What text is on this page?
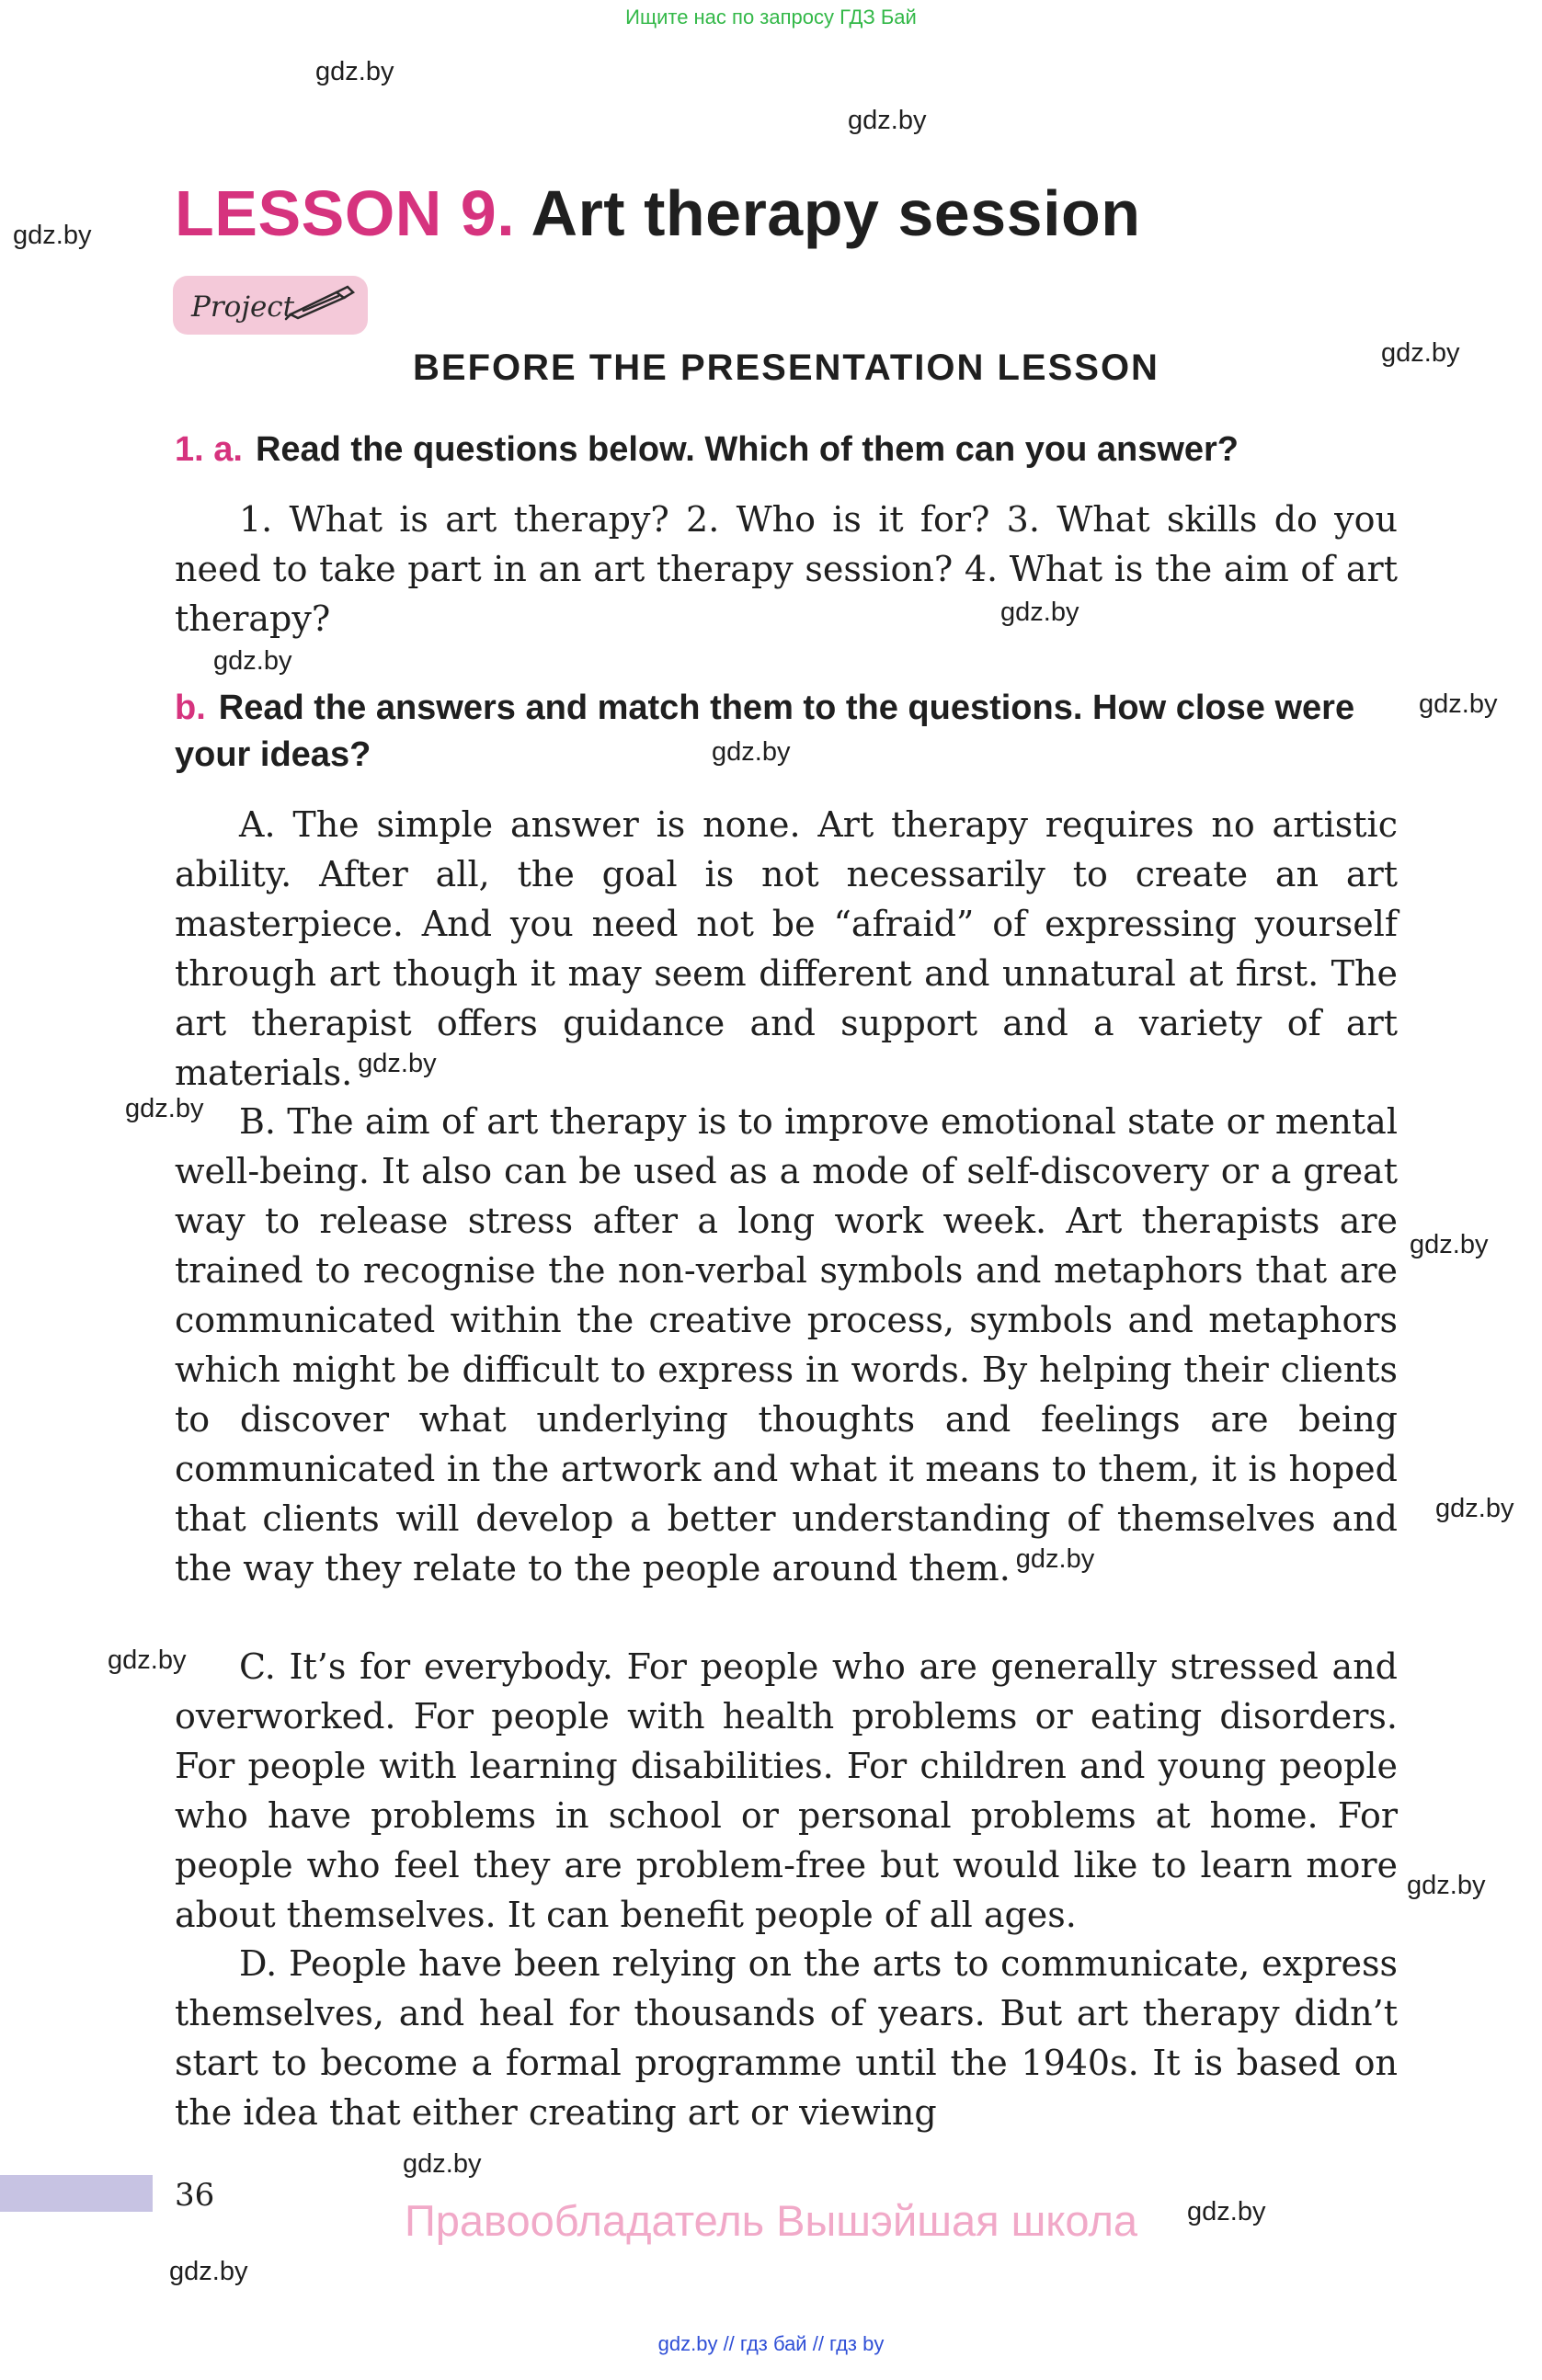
Ищите нас по запросу ГДЗ Бай
gdz.by
gdz.by
gdz.by
gdz.by
gdz.by
gdz.by
gdz.by
gdz.by
gdz.by
gdz.by
gdz.by
gdz.by
gdz.by
gdz.by
gdz.by
gdz.by
LESSON 9. Art therapy session
Project
BEFORE THE PRESENTATION LESSON
1. a. Read the questions below. Which of them can you answer?
1. What is art therapy? 2. Who is it for? 3. What skills do you need to take part in an art therapy session? 4. What is the aim of art therapy?
b. Read the answers and match them to the questions. How close were your ideas?
A. The simple answer is none. Art therapy requires no artistic ability. After all, the goal is not necessarily to create an art masterpiece. And you need not be “afraid” of expressing yourself through art though it may seem different and unnatural at first. The art therapist offers guidance and support and a variety of art materials. $^{gdz.by}$
B. The aim of art therapy is to improve emotional state or mental well-being. It also can be used as a mode of self-discovery or a great way to release stress after a long work week. Art therapists are trained to recognise the non-verbal symbols and metaphors that are communicated within the creative process, symbols and metaphors which might be difficult to express in words. By helping their clients to discover what underlying thoughts and feelings are being communicated in the artwork and what it means to them, it is hoped that clients will develop a better understanding of themselves and the way they relate to the people around them. $^{gdz.by}$
C. It’s for everybody. For people who are generally stressed and overworked. For people with health problems or eating disorders. For people with learning disabilities. For children and young people who have problems in school or personal problems at home. For people who feel they are problem-free but would like to learn more about themselves. It can benefit people of all ages.
D. People have been relying on the arts to communicate, express themselves, and heal for thousands of years. But art therapy didn’t start to become a formal programme until the 1940s. It is based on the idea that either creating art or viewing
36
Правообладатель Вышэйшая школа
gdz.by // гдз бай // гдз by
